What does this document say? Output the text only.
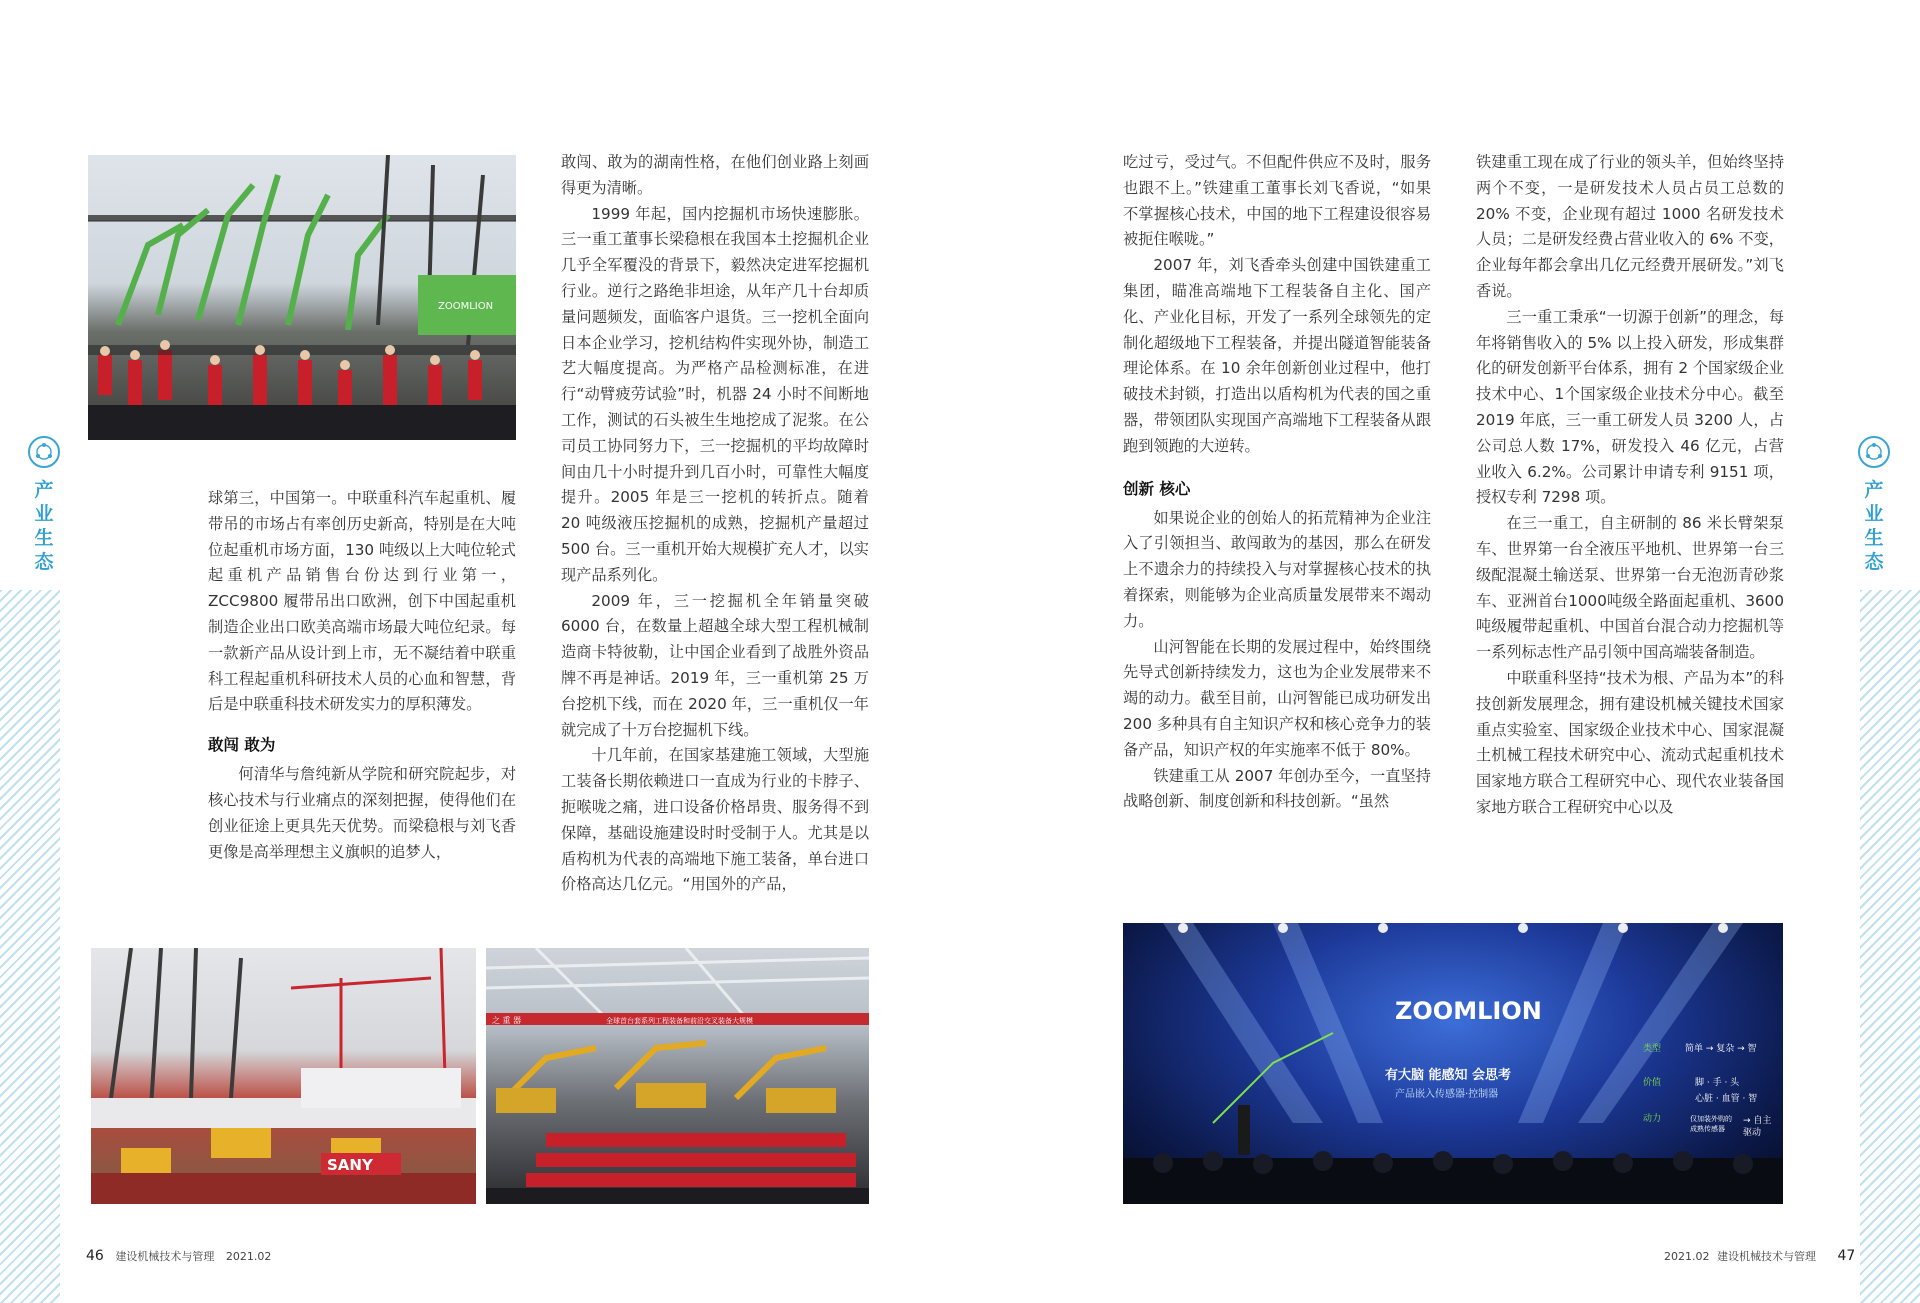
产
业
生
态
产
业
生
态
ZOOMLION

球第三，中国第一。中联重科汽车起重机、履带吊的市场占有率创历史新高，特别是在大吨位起重机市场方面，130 吨级以上大吨位轮式起重机产品销售台份达到行业第一，ZCC9800 履带吊出口欧洲，创下中国起重机制造企业出口欧美高端市场最大吨位纪录。每一款新产品从设计到上市，无不凝结着中联重科工程起重机科研技术人员的心血和智慧，背后是中联重科技术研发实力的厚积薄发。

敢闯 敢为

何清华与詹纯新从学院和研究院起步，对核心技术与行业痛点的深刻把握，使得他们在创业征途上更具先天优势。而梁稳根与刘飞香更像是高举理想主义旗帜的追梦人，

敢闯、敢为的湖南性格，在他们创业路上刻画得更为清晰。

1999 年起，国内挖掘机市场快速膨胀。三一重工董事长梁稳根在我国本土挖掘机企业几乎全军覆没的背景下，毅然决定进军挖掘机行业。逆行之路绝非坦途，从年产几十台却质量问题频发，面临客户退货。三一挖机全面向日本企业学习，挖机结构件实现外协，制造工艺大幅度提高。为严格产品检测标准，在进行“动臂疲劳试验”时，机器 24 小时不间断地工作，测试的石头被生生地挖成了泥浆。在公司员工协同努力下，三一挖掘机的平均故障时间由几十小时提升到几百小时，可靠性大幅度提升。2005 年是三一挖机的转折点。随着 20 吨级液压挖掘机的成熟，挖掘机产量超过 500 台。三一重机开始大规模扩充人才，以实现产品系列化。

2009 年，三一挖掘机全年销量突破 6000 台，在数量上超越全球大型工程机械制造商卡特彼勒，让中国企业看到了战胜外资品牌不再是神话。2019 年，三一重机第 25 万台挖机下线，而在 2020 年，三一重机仅一年就完成了十万台挖掘机下线。

十几年前，在国家基建施工领域，大型施工装备长期依赖进口一直成为行业的卡脖子、扼喉咙之痛，进口设备价格昂贵、服务得不到保障，基础设施建设时时受制于人。尤其是以盾构机为代表的高端地下施工装备，单台进口价格高达几亿元。“用国外的产品，

SANY
之 重 器	全球首台套系列工程装备和前沿交叉装备大规模

吃过亏，受过气。不但配件供应不及时，服务也跟不上。”铁建重工董事长刘飞香说，“如果不掌握核心技术，中国的地下工程建设很容易被扼住喉咙。”

2007 年，刘飞香牵头创建中国铁建重工集团，瞄准高端地下工程装备自主化、国产化、产业化目标，开发了一系列全球领先的定制化超级地下工程装备，并提出隧道智能装备理论体系。在 10 余年创新创业过程中，他打破技术封锁，打造出以盾构机为代表的国之重器，带领团队实现国产高端地下工程装备从跟跑到领跑的大逆转。

创新 核心

如果说企业的创始人的拓荒精神为企业注入了引领担当、敢闯敢为的基因，那么在研发上不遗余力的持续投入与对掌握核心技术的执着探索，则能够为企业高质量发展带来不竭动力。

山河智能在长期的发展过程中，始终围绕先导式创新持续发力，这也为企业发展带来不竭的动力。截至目前，山河智能已成功研发出 200 多种具有自主知识产权和核心竞争力的装备产品，知识产权的年实施率不低于 80%。

铁建重工从 2007 年创办至今，一直坚持战略创新、制度创新和科技创新。“虽然

铁建重工现在成了行业的领头羊，但始终坚持两个不变，一是研发技术人员占员工总数的 20% 不变，企业现有超过 1000 名研发技术人员；二是研发经费占营业收入的 6% 不变，企业每年都会拿出几亿元经费开展研发。”刘飞香说。

三一重工秉承“一切源于创新”的理念，每年将销售收入的 5% 以上投入研发，形成集群化的研发创新平台体系，拥有 2 个国家级企业技术中心、1个国家级企业技术分中心。截至 2019 年底，三一重工研发人员 3200 人，占公司总人数 17%，研发投入 46 亿元，占营业收入 6.2%。公司累计申请专利 9151 项，授权专利 7298 项。

在三一重工，自主研制的 86 米长臂架泵车、世界第一台全液压平地机、世界第一台三级配混凝土输送泵、世界第一台无泡沥青砂浆车、亚洲首台1000吨级全路面起重机、3600 吨级履带起重机、中国首台混合动力挖掘机等一系列标志性产品引领中国高端装备制造。

中联重科坚持“技术为根、产品为本”的科技创新发展理念，拥有建设机械关键技术国家重点实验室、国家级企业技术中心、国家混凝土机械工程技术研究中心、流动式起重机技术国家地方联合工程研究中心、现代农业装备国家地方联合工程研究中心以及

ZOOMLION
有大脑 能感知 会思考
产品嵌入传感器·控制器
类型	简单 → 复杂 → 智
价值	脚 · 手 · 头
心脏 · 血管 · 智
动力	仅加装外购的
成熟传感器
→ 自主
驱动
46 建设机械技术与管理 2021.02	2021.02 建设机械技术与管理 47
